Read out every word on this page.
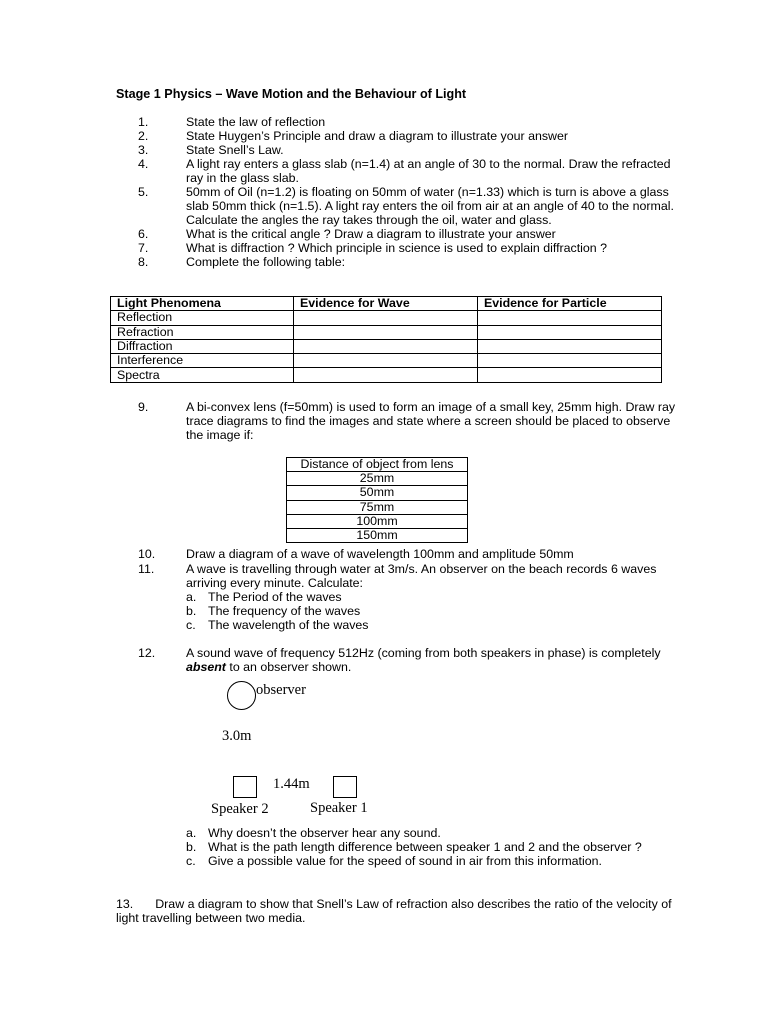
Stage 1 Physics – Wave Motion and the Behaviour of Light
1.	State the law of reflection
2.	State Huygen’s Principle and draw a diagram to illustrate your answer
3.	State Snell’s Law.
4.	A light ray enters a glass slab (n=1.4) at an angle of 30 to the normal. Draw the refracted ray in the glass slab.
5.	50mm of Oil (n=1.2) is floating on 50mm of water (n=1.33) which is turn is above a glass slab 50mm thick (n=1.5). A light ray enters the oil from air at an angle of 40 to the normal. Calculate the angles the ray takes through the oil, water and glass.
6.	What is the critical angle ? Draw a diagram to illustrate your answer
7.	What is diffraction ? Which principle in science is used to explain diffraction ?
8.	Complete the following table:
Light Phenomena	Evidence for Wave	Evidence for Particle
Reflection		
Refraction		
Diffraction		
Interference		
Spectra		
9.	A bi-convex lens (f=50mm) is used to form an image of a small key, 25mm high. Draw ray trace diagrams to find the images and state where a screen should be placed to observe the image if:
Distance of object from lens
25mm
50mm
75mm
100mm
150mm
10.	Draw a diagram of a wave of wavelength 100mm and amplitude 50mm
11.	A wave is travelling through water at 3m/s. An observer on the beach records 6 waves arriving every minute. Calculate:
a. The Period of the waves
b. The frequency of the waves
c. The wavelength of the waves
12.	A sound wave of frequency 512Hz (coming from both speakers in phase) is completely absent to an observer shown.
observer
3.0m
1.44m
Speaker 2	Speaker 1
a. Why doesn’t the observer hear any sound.
b. What is the path length difference between speaker 1 and 2 and the observer ?
c. Give a possible value for the speed of sound in air from this information.
13. Draw a diagram to show that Snell’s Law of refraction also describes the ratio of the velocity of light travelling between two media.
